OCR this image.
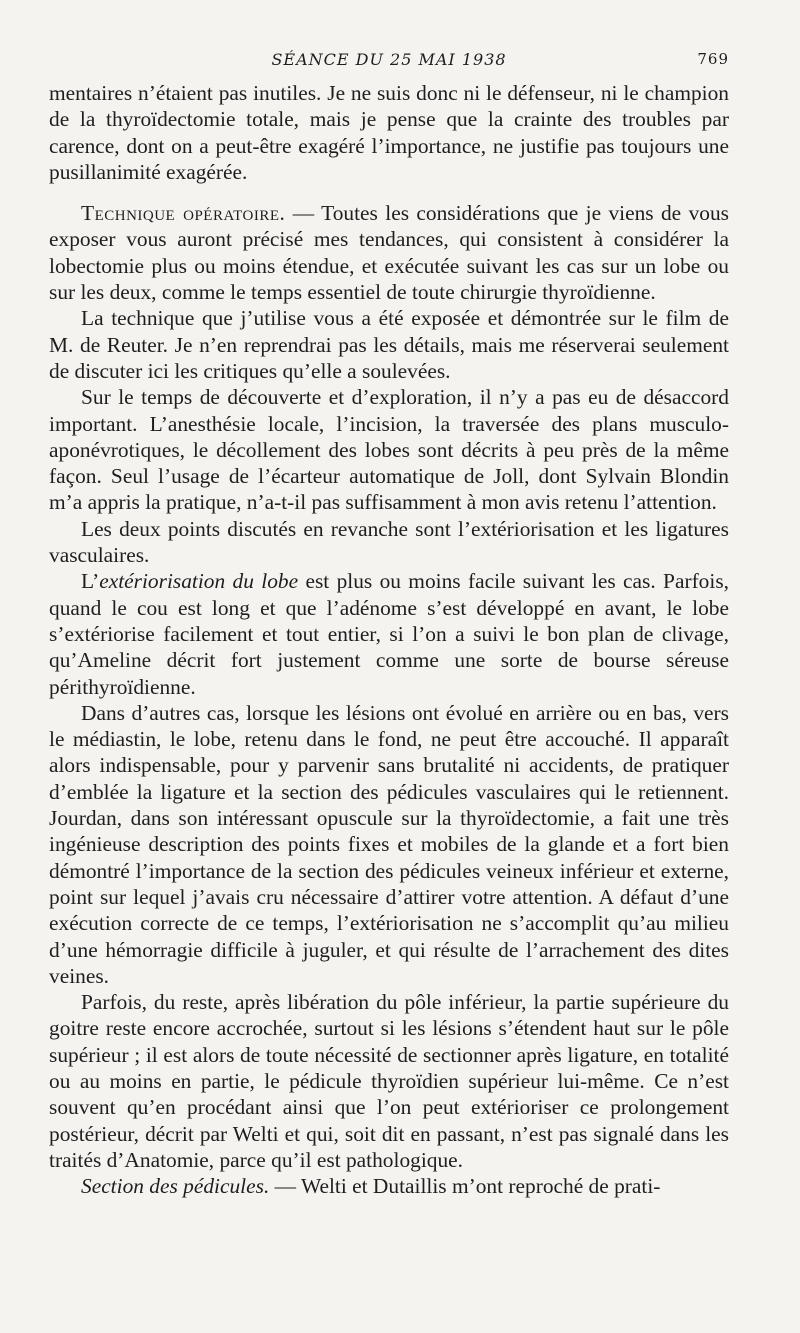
SÉANCE DU 25 MAI 1938	769

mentaires n’étaient pas inutiles. Je ne suis donc ni le défenseur, ni le champion de la thyroïdectomie totale, mais je pense que la crainte des troubles par carence, dont on a peut-être exagéré l’importance, ne justifie pas toujours une pusillanimité exagérée.

Technique opératoire. — Toutes les considérations que je viens de vous exposer vous auront précisé mes tendances, qui consistent à considérer la lobectomie plus ou moins étendue, et exécutée suivant les cas sur un lobe ou sur les deux, comme le temps essentiel de toute chirurgie thyroïdienne.

La technique que j’utilise vous a été exposée et démontrée sur le film de M. de Reuter. Je n’en reprendrai pas les détails, mais me réserverai seulement de discuter ici les critiques qu’elle a soulevées.

Sur le temps de découverte et d’exploration, il n’y a pas eu de désaccord important. L’anesthésie locale, l’incision, la traversée des plans musculo-aponévrotiques, le décollement des lobes sont décrits à peu près de la même façon. Seul l’usage de l’écarteur automatique de Joll, dont Sylvain Blondin m’a appris la pratique, n’a-t-il pas suffisamment à mon avis retenu l’attention.

Les deux points discutés en revanche sont l’extériorisation et les ligatures vasculaires.

L’extériorisation du lobe est plus ou moins facile suivant les cas. Parfois, quand le cou est long et que l’adénome s’est développé en avant, le lobe s’extériorise facilement et tout entier, si l’on a suivi le bon plan de clivage, qu’Ameline décrit fort justement comme une sorte de bourse séreuse périthyroïdienne.

Dans d’autres cas, lorsque les lésions ont évolué en arrière ou en bas, vers le médiastin, le lobe, retenu dans le fond, ne peut être accouché. Il apparaît alors indispensable, pour y parvenir sans brutalité ni accidents, de pratiquer d’emblée la ligature et la section des pédicules vasculaires qui le retiennent. Jourdan, dans son intéressant opuscule sur la thyroïdectomie, a fait une très ingénieuse description des points fixes et mobiles de la glande et a fort bien démontré l’importance de la section des pédicules veineux inférieur et externe, point sur lequel j’avais cru nécessaire d’attirer votre attention. A défaut d’une exécution correcte de ce temps, l’extériorisation ne s’accomplit qu’au milieu d’une hémorragie difficile à juguler, et qui résulte de l’arrachement des dites veines.

Parfois, du reste, après libération du pôle inférieur, la partie supérieure du goitre reste encore accrochée, surtout si les lésions s’étendent haut sur le pôle supérieur ; il est alors de toute nécessité de sectionner après ligature, en totalité ou au moins en partie, le pédicule thyroïdien supérieur lui-même. Ce n’est souvent qu’en procédant ainsi que l’on peut extérioriser ce prolongement postérieur, décrit par Welti et qui, soit dit en passant, n’est pas signalé dans les traités d’Anatomie, parce qu’il est pathologique.

Section des pédicules. — Welti et Dutaillis m’ont reproché de prati-
